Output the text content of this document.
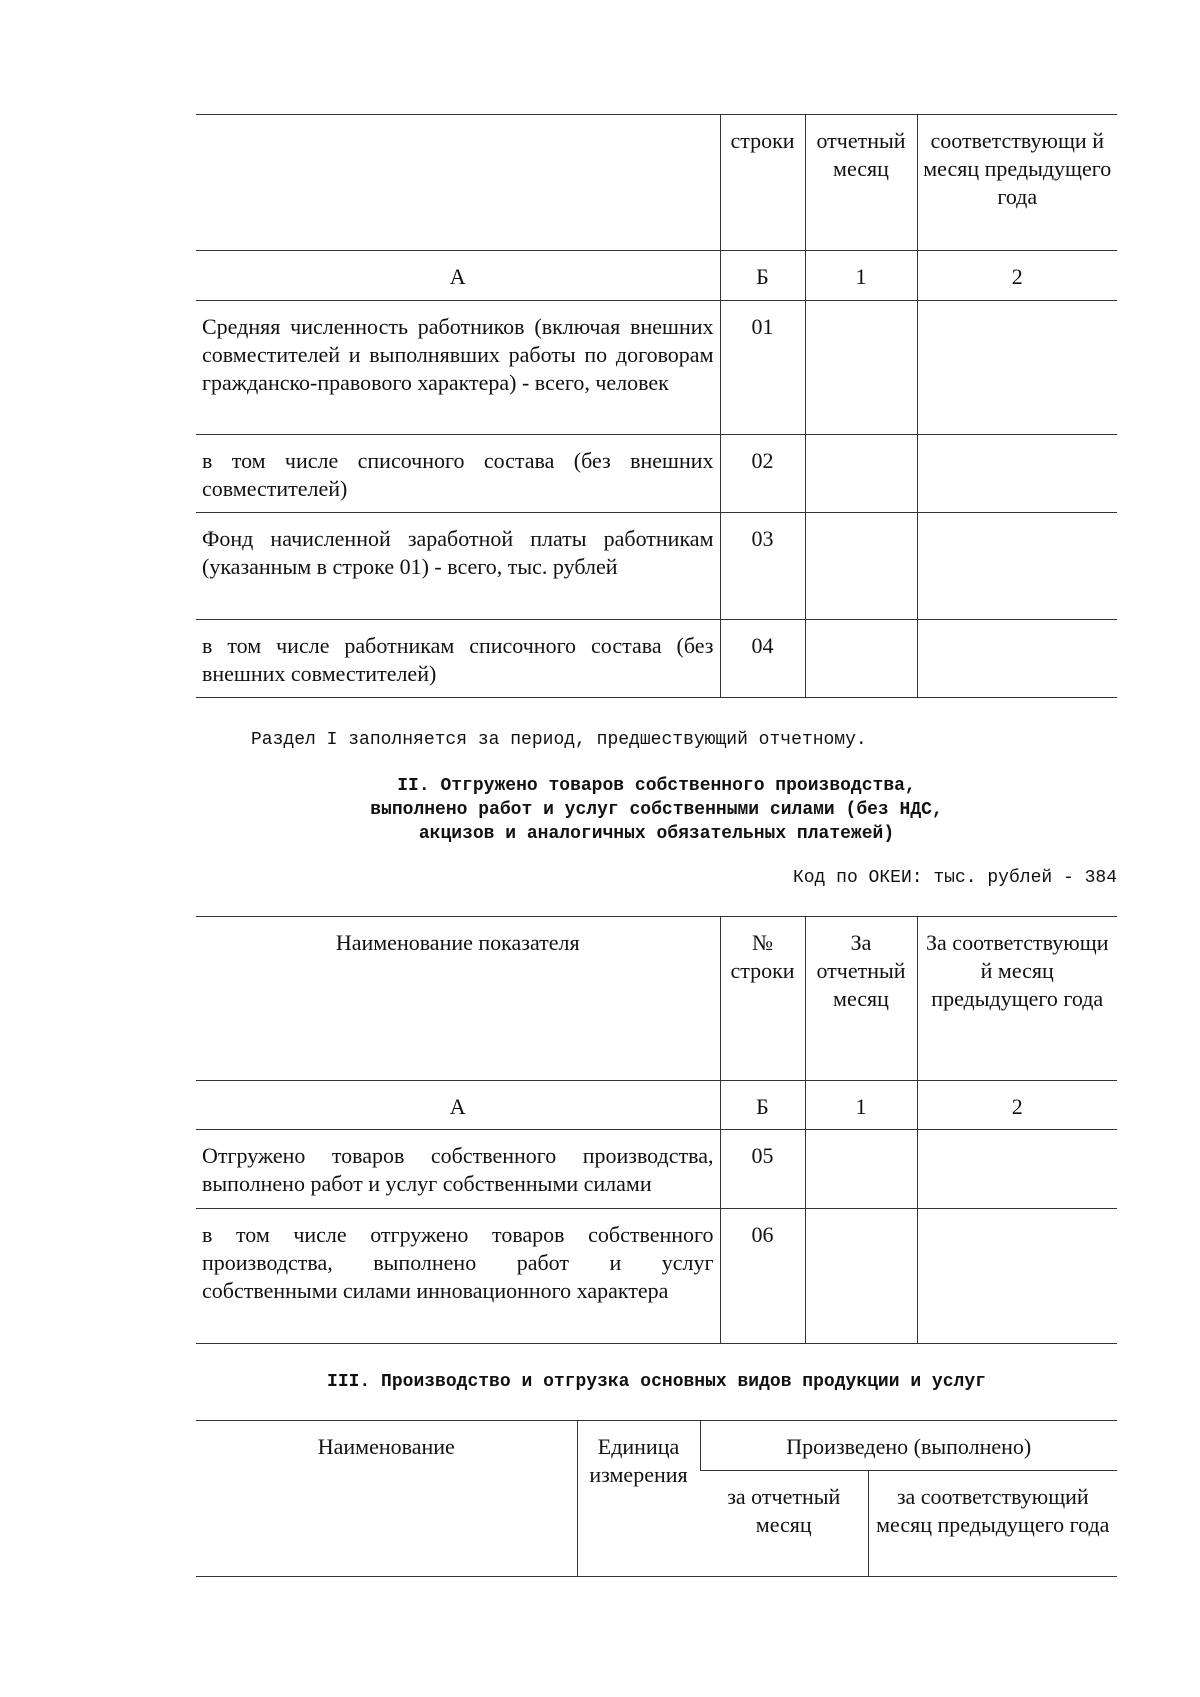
	строки	отчетный месяц	соответствующи й месяц предыдущего года
А	Б	1	2
Средняя численность работников (включая внешних совместителей и выполнявших работы по договорам гражданско-правового характера) - всего, человек	01		
в том числе списочного состава (без внешних совместителей)	02		
Фонд начисленной заработной платы работникам (указанным в строке 01) - всего, тыс. рублей	03		
в том числе работникам списочного состава (без внешних совместителей)	04		
Раздел I заполняется за период, предшествующий отчетному.
II. Отгружено товаров собственного производства,
выполнено работ и услуг собственными силами (без НДС,
акцизов и аналогичных обязательных платежей)
Код по ОКЕИ: тыс. рублей - 384
Наименование показателя	№ строки	За отчетный месяц	За соответствующи й месяц предыдущего года
А	Б	1	2
Отгружено товаров собственного производства, выполнено работ и услуг собственными силами	05		
в том числе отгружено товаров собственного производства, выполнено работ и услуг собственными силами инновационного характера	06		
III. Производство и отгрузка основных видов продукции и услуг
Наименование	Единица измерения	Произведено (выполнено)	
		за отчетный месяц	за соответствующий месяц предыдущего года
